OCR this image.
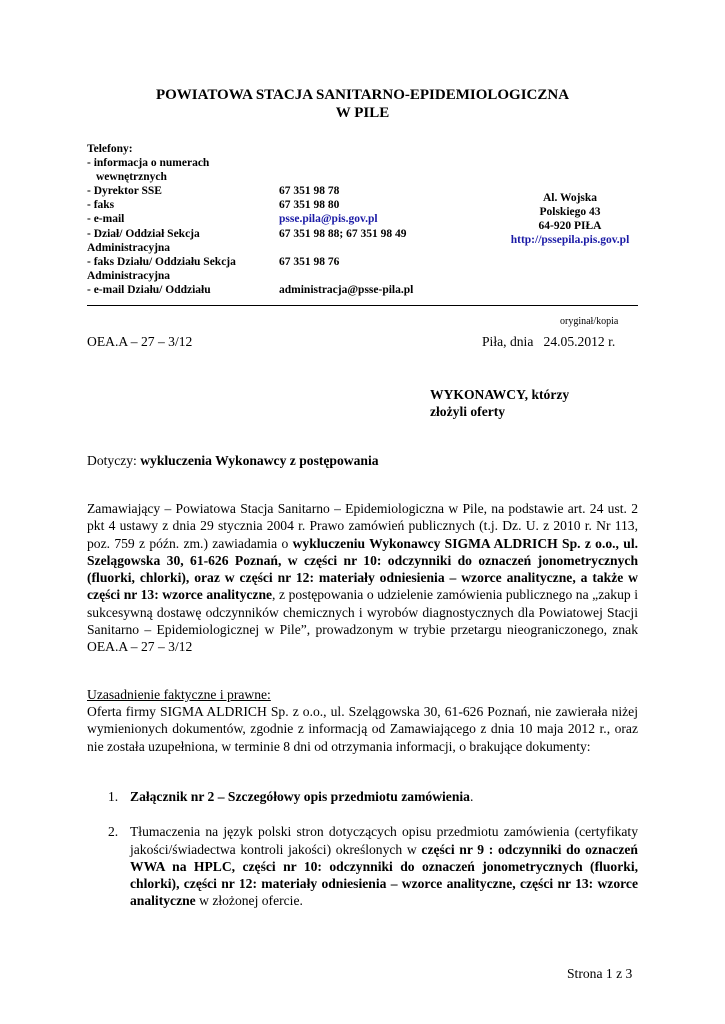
POWIATOWA STACJA SANITARNO-EPIDEMIOLOGICZNA
W PILE
Telefony:
- informacja o numerach
wewnętrznych
- Dyrektor SSE	67 351 98 78
- faks	67 351 98 80
- e-mail	psse.pila@pis.gov.pl
- Dział/ Oddział Sekcja	67 351 98 88; 67 351 98 49
Administracyjna
- faks Działu/ Oddziału Sekcja	67 351 98 76
Administracyjna
- e-mail Działu/ Oddziału	administracja@psse-pila.pl
Al. Wojska
Polskiego 43
64-920 PIŁA
http://pssepila.pis.gov.pl
oryginał/kopia
OEA.A – 27 – 3/12	Piła, dnia   24.05.2012 r.
WYKONAWCY, którzy
złożyli oferty
Dotyczy: wykluczenia Wykonawcy z postępowania

Zamawiający – Powiatowa Stacja Sanitarno – Epidemiologiczna w Pile, na podstawie art. 24 ust. 2 pkt 4 ustawy z dnia 29 stycznia 2004 r. Prawo zamówień publicznych (t.j. Dz. U. z 2010 r. Nr 113, poz. 759 z późn. zm.) zawiadamia o wykluczeniu Wykonawcy SIGMA ALDRICH Sp. z o.o., ul. Szelągowska 30, 61-626 Poznań, w części nr 10: odczynniki do oznaczeń jonometrycznych (fluorki, chlorki), oraz w części nr 12: materiały odniesienia – wzorce analityczne, a także w części nr 13: wzorce analityczne, z postępowania o udzielenie zamówienia publicznego na „zakup i sukcesywną dostawę odczynników chemicznych i wyrobów diagnostycznych dla Powiatowej Stacji Sanitarno – Epidemiologicznej w Pile”, prowadzonym w trybie przetargu nieograniczonego, znak OEA.A – 27 – 3/12

Uzasadnienie faktyczne i prawne:

Oferta firmy SIGMA ALDRICH Sp. z o.o., ul. Szelągowska 30, 61-626 Poznań, nie zawierała niżej wymienionych dokumentów, zgodnie z informacją od Zamawiającego z dnia 10 maja 2012 r., oraz nie została uzupełniona, w terminie 8 dni od otrzymania informacji, o brakujące dokumenty:

1. Załącznik nr 2 – Szczegółowy opis przedmiotu zamówienia.
2. Tłumaczenia na język polski stron dotyczących opisu przedmiotu zamówienia (certyfikaty jakości/świadectwa kontroli jakości) określonych w części nr 9 : odczynniki do oznaczeń WWA na HPLC, części nr 10: odczynniki do oznaczeń jonometrycznych (fluorki, chlorki), części nr 12: materiały odniesienia – wzorce analityczne, części nr 13: wzorce analityczne w złożonej ofercie.
Strona 1 z 3
